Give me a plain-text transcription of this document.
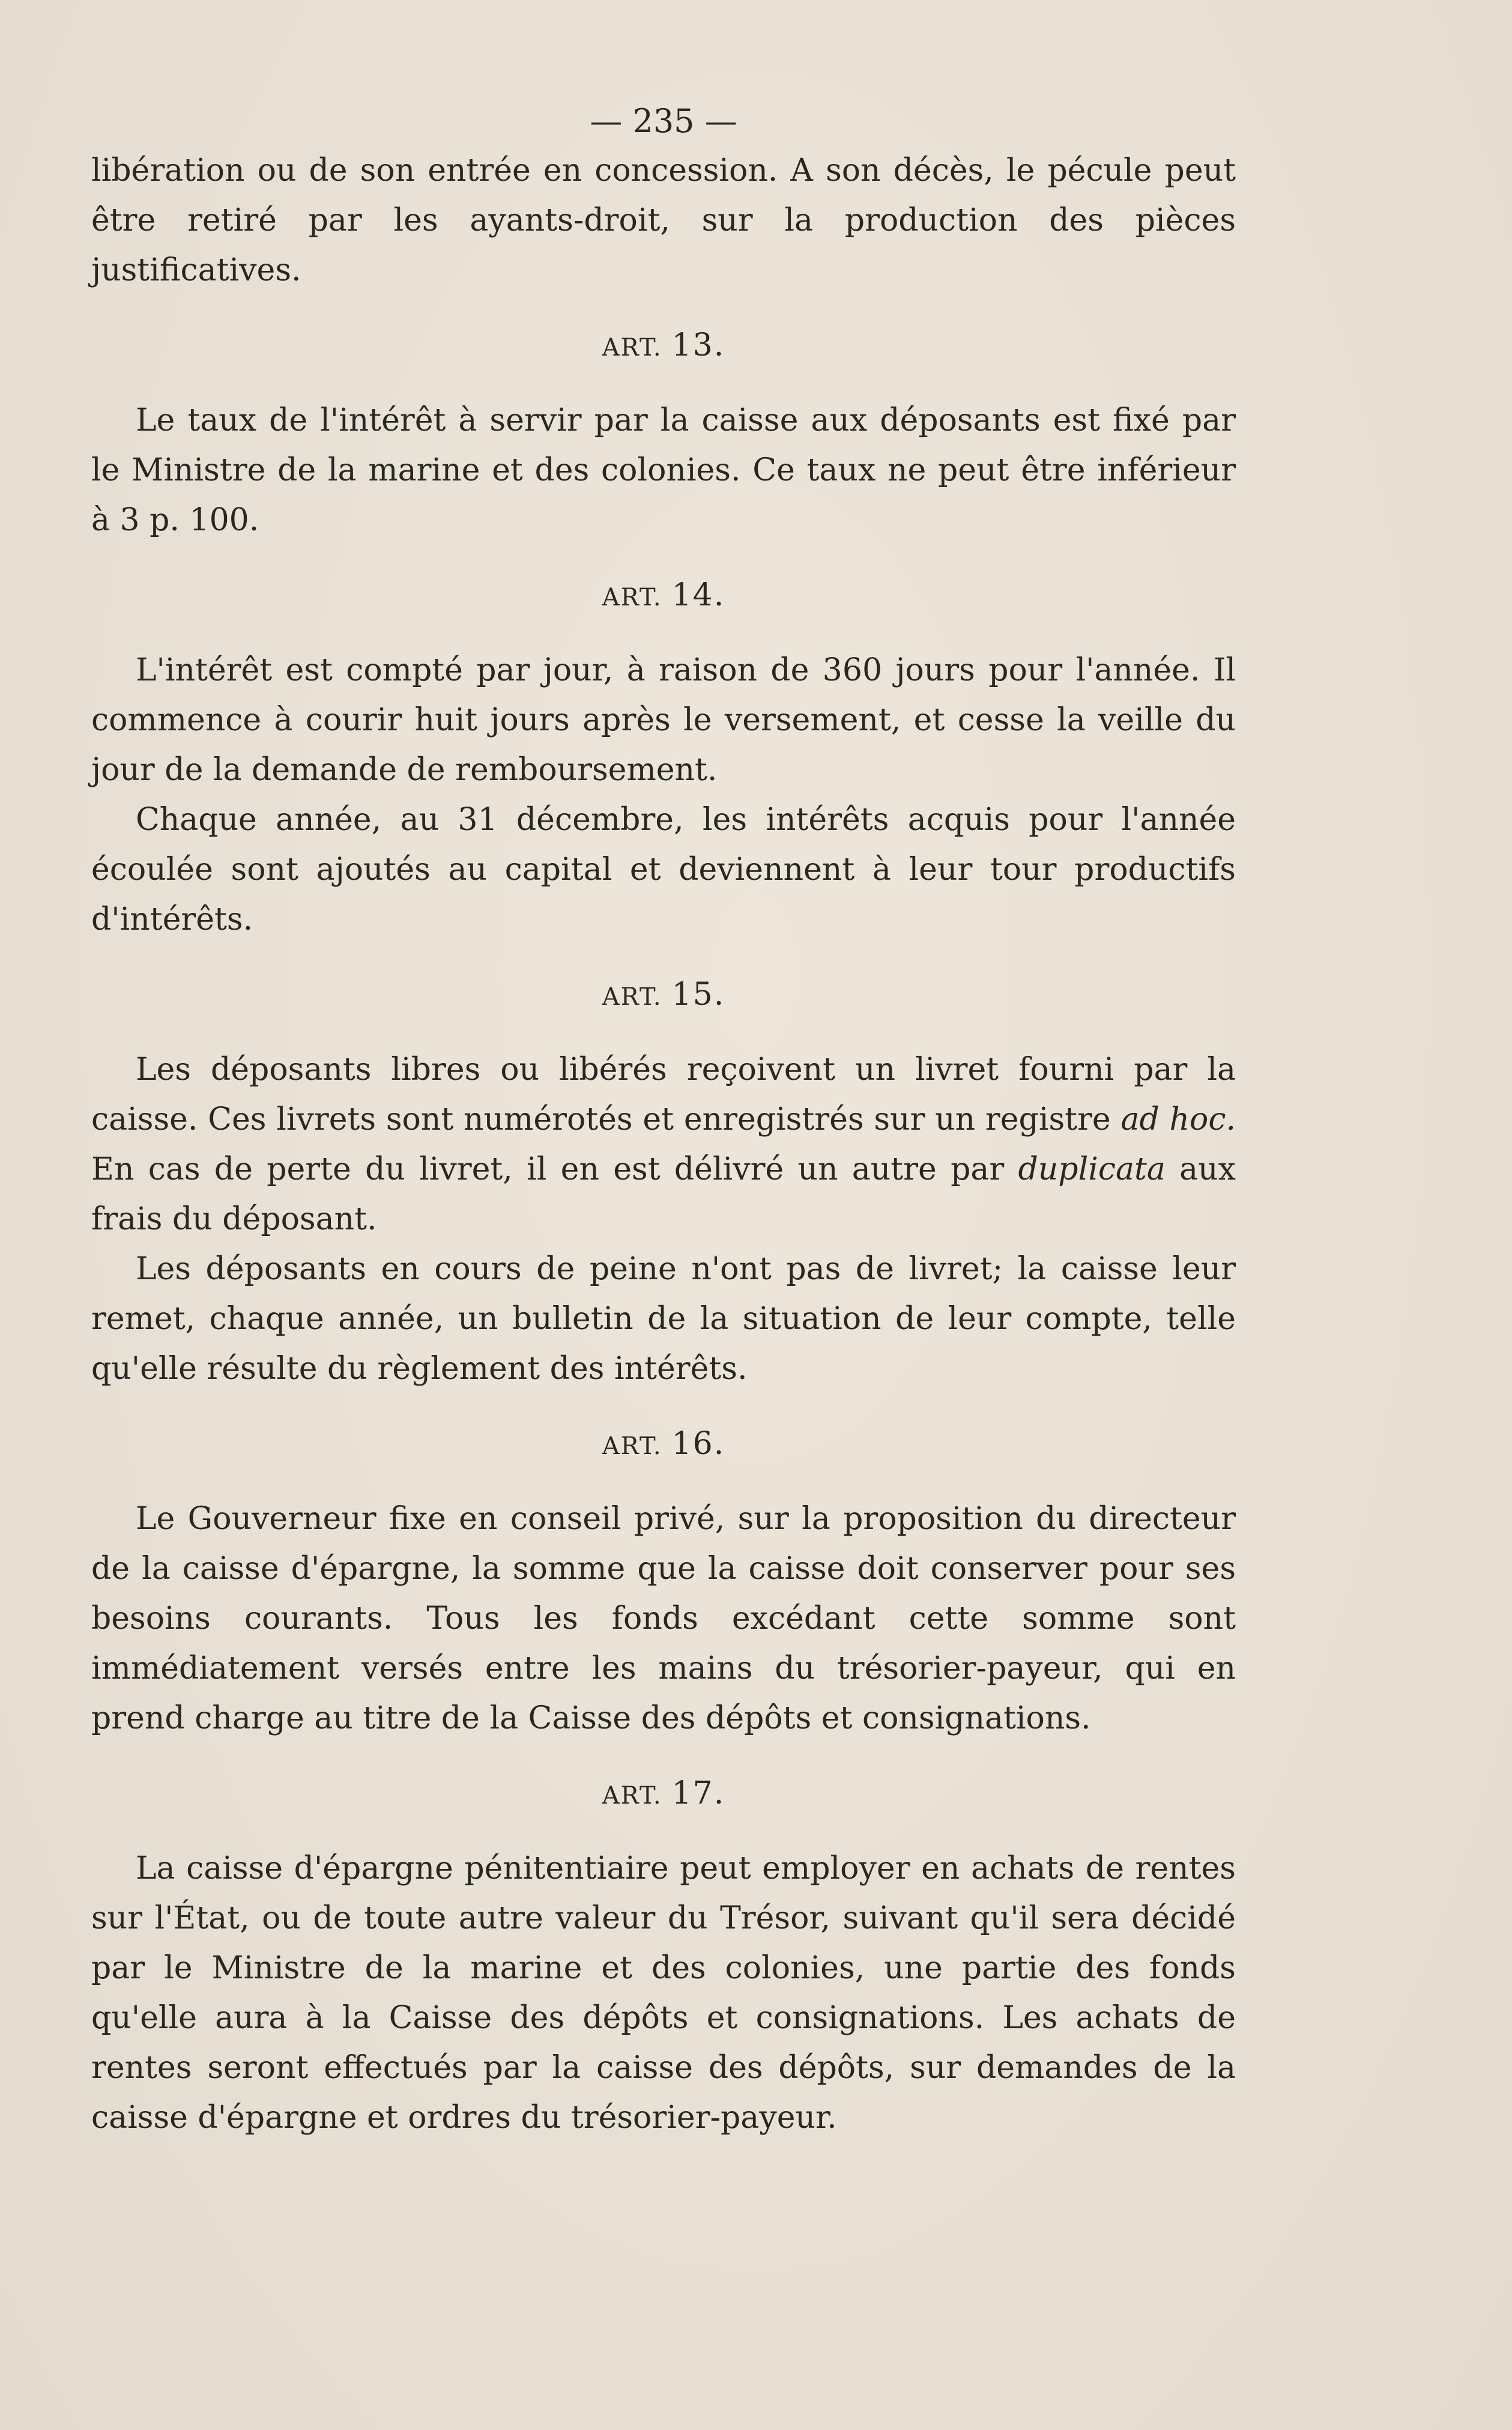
— 235 —

libération ou de son entrée en concession. A son décès, le pécule peut être retiré par les ayants-droit, sur la production des pièces justificatives.

ART. 13.

Le taux de l'intérêt à servir par la caisse aux déposants est fixé par le Ministre de la marine et des colonies. Ce taux ne peut être inférieur à 3 p. 100.

ART. 14.

L'intérêt est compté par jour, à raison de 360 jours pour l'année. Il commence à courir huit jours après le versement, et cesse la veille du jour de la demande de remboursement.

Chaque année, au 31 décembre, les intérêts acquis pour l'année écoulée sont ajoutés au capital et deviennent à leur tour productifs d'intérêts.

ART. 15.

Les déposants libres ou libérés reçoivent un livret fourni par la caisse. Ces livrets sont numérotés et enregistrés sur un registre ad hoc. En cas de perte du livret, il en est délivré un autre par duplicata aux frais du déposant.

Les déposants en cours de peine n'ont pas de livret; la caisse leur remet, chaque année, un bulletin de la situation de leur compte, telle qu'elle résulte du règlement des intérêts.

ART. 16.

Le Gouverneur fixe en conseil privé, sur la proposition du directeur de la caisse d'épargne, la somme que la caisse doit conserver pour ses besoins courants. Tous les fonds excédant cette somme sont immédiatement versés entre les mains du trésorier-payeur, qui en prend charge au titre de la Caisse des dépôts et consignations.

ART. 17.

La caisse d'épargne pénitentiaire peut employer en achats de rentes sur l'État, ou de toute autre valeur du Trésor, suivant qu'il sera décidé par le Ministre de la marine et des colonies, une partie des fonds qu'elle aura à la Caisse des dépôts et consignations. Les achats de rentes seront effectués par la caisse des dépôts, sur demandes de la caisse d'épargne et ordres du trésorier-payeur.
